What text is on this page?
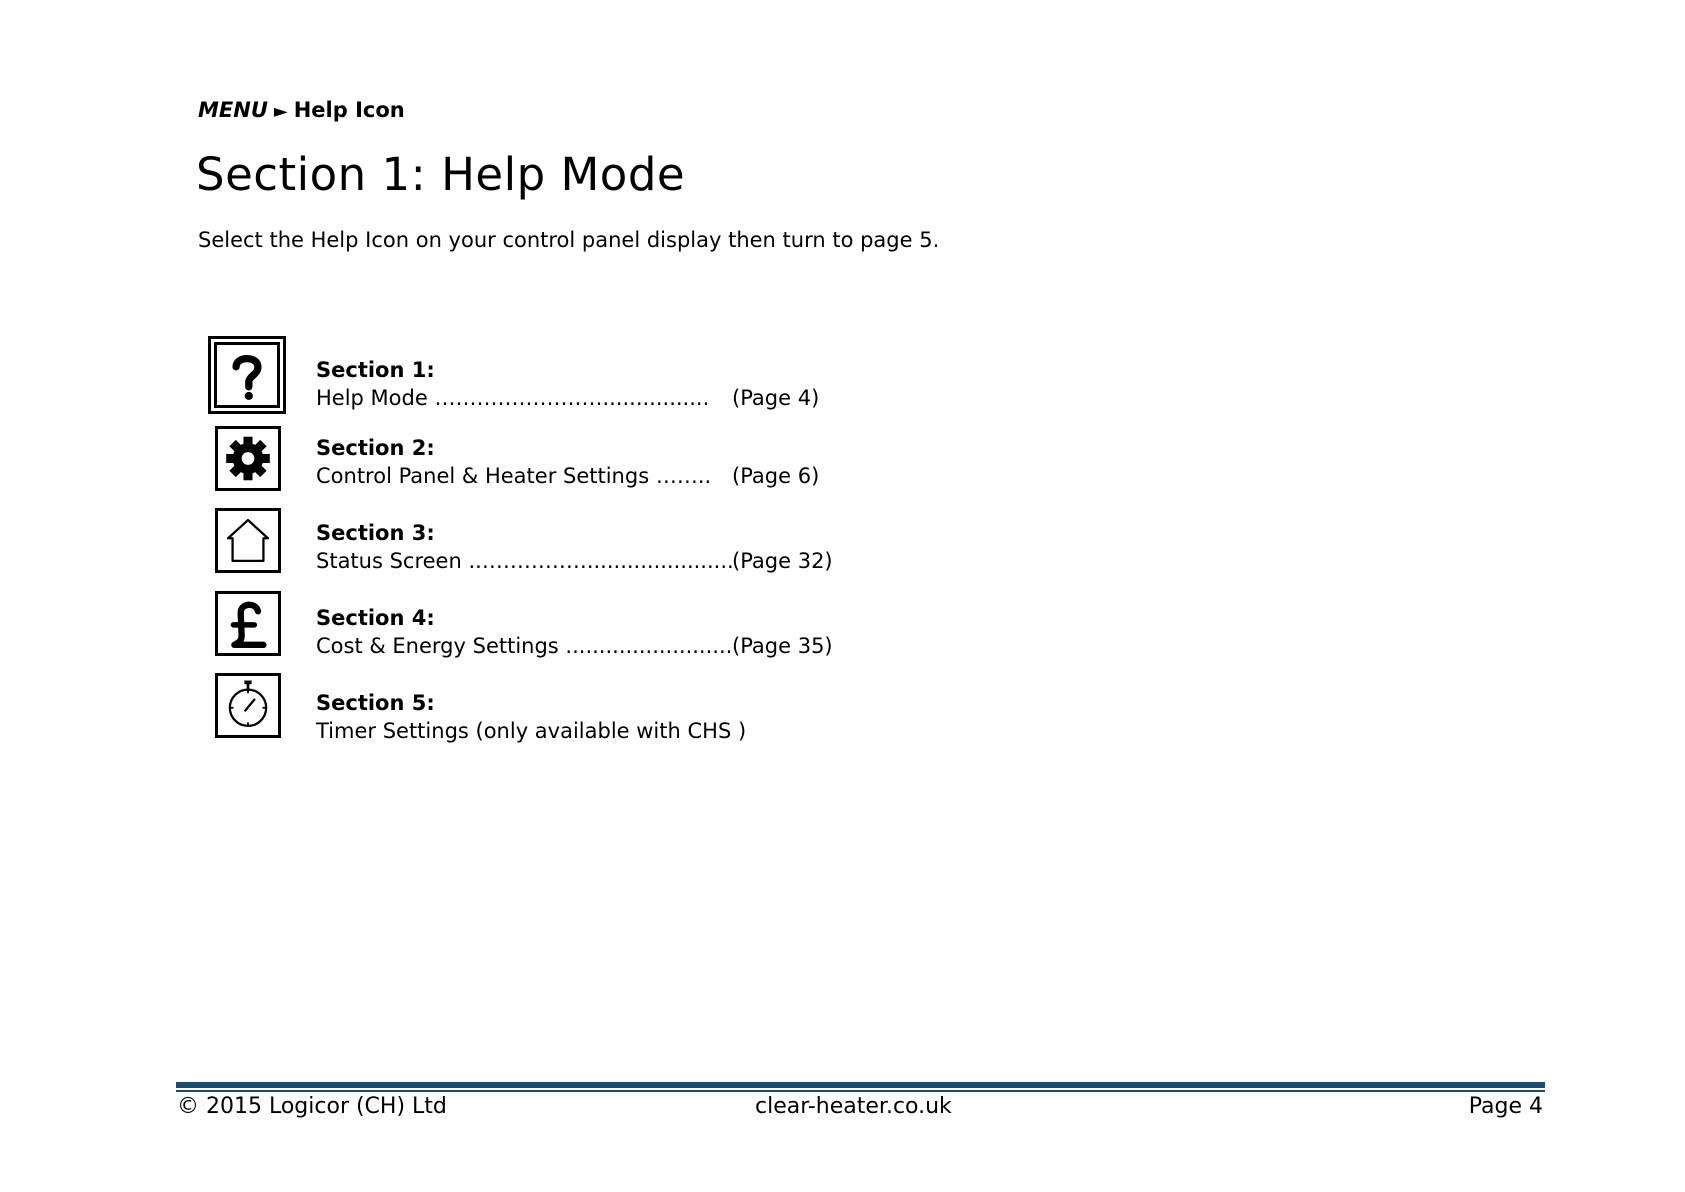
MENU ► Help Icon
Section 1: Help Mode
Select the Help Icon on your control panel display then turn to page 5.
Section 1:
Help Mode ……………………................ (Page 4)
Section 2:
Control Panel & Heater Settings …….. (Page 6)
Section 3:
Status Screen ..……………......................
(Page 32)
Section 4:
Cost & Energy Settings ......................... (Page 35)
Section 5:
Timer Settings (only available with CHS )
© 2015 Logicor (CH) Ltd	clear-heater.co.uk	Page 4
